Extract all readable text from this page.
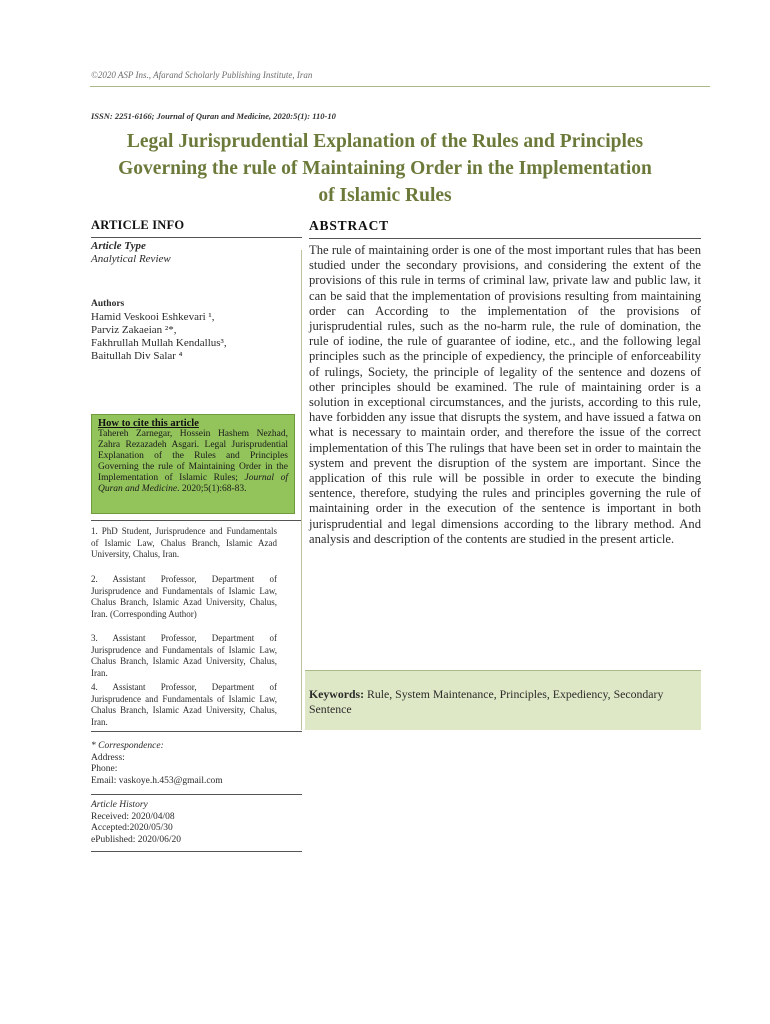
©2020 ASP Ins., Afarand Scholarly Publishing Institute, Iran
ISSN: 2251-6166; Journal of Quran and Medicine, 2020:5(1): 110-10
Legal Jurisprudential Explanation of the Rules and Principles
Governing the rule of Maintaining Order in the Implementation
of Islamic Rules
ARTICLE INFO
Article Type
Analytical Review
Authors
Hamid Veskooi Eshkevari ¹,
Parviz Zakaeian ²*,
Fakhrullah Mullah Kendallus³,
Baitullah Div Salar ⁴
How to cite this article
Tahereh Zarnegar, Hossein Hashem Nezhad, Zahra Rezazadeh Asgari. Legal Jurisprudential Explanation of the Rules and Principles Governing the rule of Maintaining Order in the Implementation of Islamic Rules; Journal of Quran and Medicine. 2020;5(1):68-83.
1. PhD Student, Jurisprudence and Fundamentals of Islamic Law, Chalus Branch, Islamic Azad University, Chalus, Iran.
2. Assistant Professor, Department of Jurisprudence and Fundamentals of Islamic Law, Chalus Branch, Islamic Azad University, Chalus, Iran. (Corresponding Author)
3. Assistant Professor, Department of Jurisprudence and Fundamentals of Islamic Law, Chalus Branch, Islamic Azad University, Chalus, Iran.
4. Assistant Professor, Department of Jurisprudence and Fundamentals of Islamic Law, Chalus Branch, Islamic Azad University, Chalus, Iran.
* Correspondence:
Address:
Phone:
Email: vaskoye.h.453@gmail.com
Article History
Received: 2020/04/08
Accepted:2020/05/30
ePublished: 2020/06/20
ABSTRACT
The rule of maintaining order is one of the most important rules that has been studied under the secondary provisions, and considering the extent of the provisions of this rule in terms of criminal law, private law and public law, it can be said that the implementation of provisions resulting from maintaining order can According to the implementation of the provisions of jurisprudential rules, such as the no-harm rule, the rule of domination, the rule of iodine, the rule of guarantee of iodine, etc., and the following legal principles such as the principle of expediency, the principle of enforceability of rulings, Society, the principle of legality of the sentence and dozens of other principles should be examined. The rule of maintaining order is a solution in exceptional circumstances, and the jurists, according to this rule, have forbidden any issue that disrupts the system, and have issued a fatwa on what is necessary to maintain order, and therefore the issue of the correct implementation of this The rulings that have been set in order to maintain the system and prevent the disruption of the system are important. Since the application of this rule will be possible in order to execute the binding sentence, therefore, studying the rules and principles governing the rule of maintaining order in the execution of the sentence is important in both jurisprudential and legal dimensions according to the library method. And analysis and description of the contents are studied in the present article.
Keywords: Rule, System Maintenance, Principles, Expediency, Secondary Sentence
